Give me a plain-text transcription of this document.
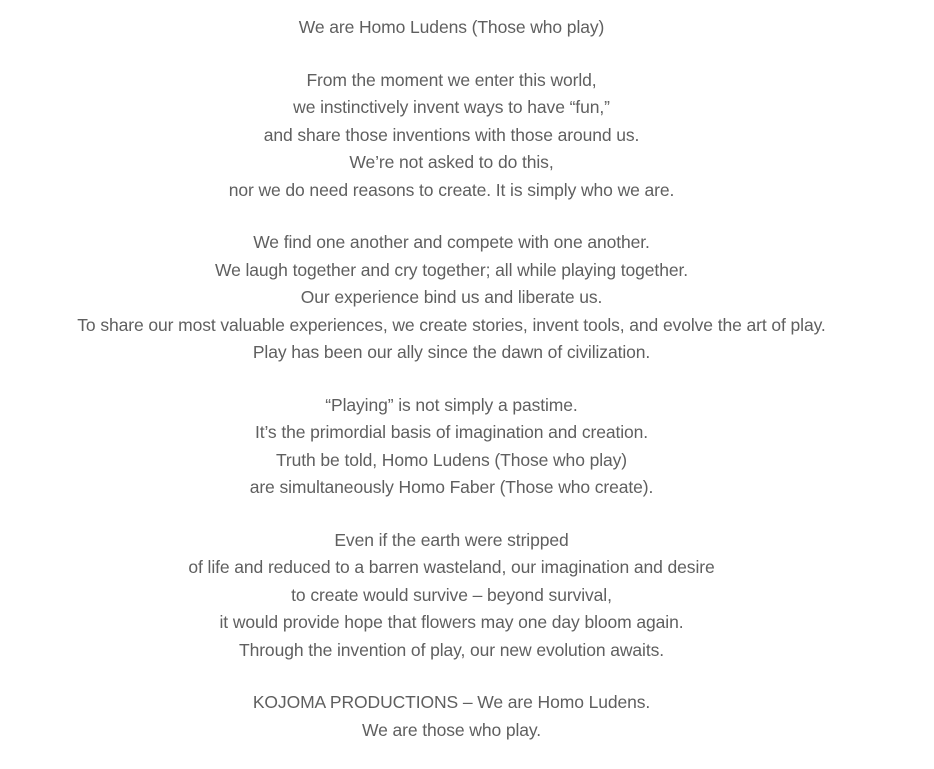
We are Homo Ludens (Those who play)
From the moment we enter this world,
we instinctively invent ways to have “fun,”
and share those inventions with those around us.
We’re not asked to do this,
nor we do need reasons to create. It is simply who we are.
We find one another and compete with one another.
We laugh together and cry together; all while playing together.
Our experience bind us and liberate us.
To share our most valuable experiences, we create stories, invent tools, and evolve the art of play.
Play has been our ally since the dawn of civilization.
“Playing” is not simply a pastime.
It’s the primordial basis of imagination and creation.
Truth be told, Homo Ludens (Those who play)
are simultaneously Homo Faber (Those who create).
Even if the earth were stripped
of life and reduced to a barren wasteland, our imagination and desire
to create would survive – beyond survival,
it would provide hope that flowers may one day bloom again.
Through the invention of play, our new evolution awaits.
KOJOMA PRODUCTIONS – We are Homo Ludens.
We are those who play.
